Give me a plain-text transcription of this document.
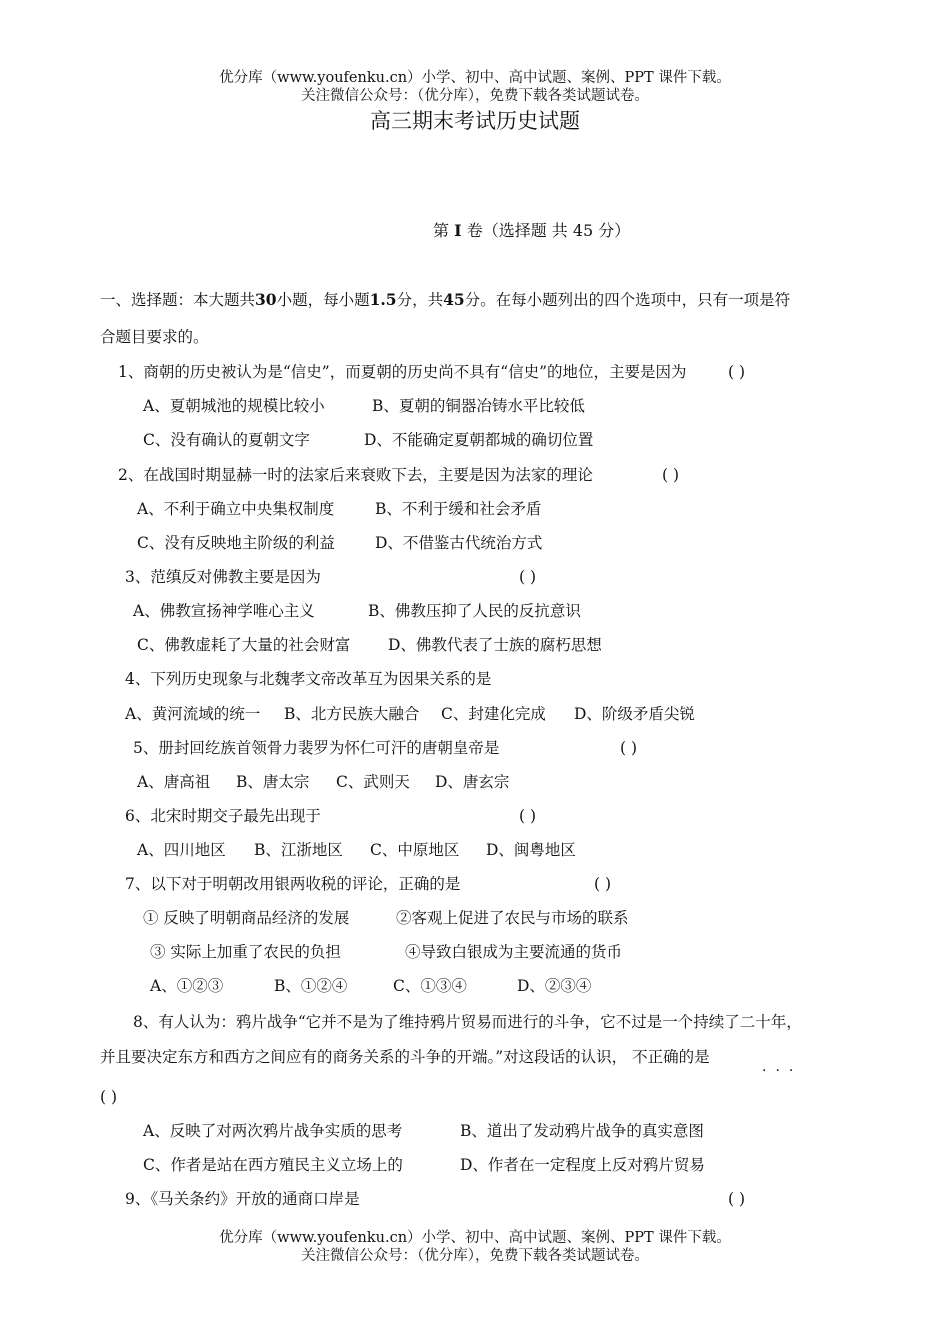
优分库（www.youfenku.cn）小学、初中、高中试题、案例、PPT 课件下载。
关注微信公众号：（优分库），免费下载各类试题试卷。
高三期末考试历史试题
第 I 卷（选择题 共 45 分）
一、选择题：本大题共30小题，每小题1.5分，共45分。在每小题列出的四个选项中，只有一项是符
合题目要求的。
1、商朝的历史被认为是“信史”，而夏朝的历史尚不具有“信史”的地位，主要是因为	( )
A、夏朝城池的规模比较小	B、夏朝的铜器冶铸水平比较低
C、没有确认的夏朝文字	D、不能确定夏朝都城的确切位置
2、在战国时期显赫一时的法家后来衰败下去，主要是因为法家的理论	( )
A、不利于确立中央集权制度	B、不利于缓和社会矛盾
C、没有反映地主阶级的利益	D、不借鉴古代统治方式
3、范缜反对佛教主要是因为	( )
A、佛教宣扬神学唯心主义	B、佛教压抑了人民的反抗意识
C、佛教虚耗了大量的社会财富 D、佛教代表了士族的腐朽思想
4、下列历史现象与北魏孝文帝改革互为因果关系的是
A、黄河流域的统一 B、北方民族大融合 C、封建化完成 D、阶级矛盾尖锐
5、册封回纥族首领骨力裴罗为怀仁可汗的唐朝皇帝是	( )
A、唐高祖 B、唐太宗 C、武则天 D、唐玄宗
6、北宋时期交子最先出现于	( )
A、四川地区 B、江浙地区 C、中原地区 D、闽粤地区
7、以下对于明朝改用银两收税的评论，正确的是	( )
① 反映了明朝商品经济的发展	②客观上促进了农民与市场的联系
③ 实际上加重了农民的负担	④导致白银成为主要流通的货币
A、①②③	B、①②④	C、①③④	D、②③④
8、有人认为：鸦片战争“它并不是为了维持鸦片贸易而进行的斗争，它不过是一个持续了二十年，
并且要决定东方和西方之间应有的商务关系的斗争的开端。”对这段话的认识， 不正确的是
···
( )
A、反映了对两次鸦片战争实质的思考	B、道出了发动鸦片战争的真实意图
C、作者是站在西方殖民主义立场上的	D、作者在一定程度上反对鸦片贸易
9、《马关条约》开放的通商口岸是	( )
优分库（www.youfenku.cn）小学、初中、高中试题、案例、PPT 课件下载。
关注微信公众号：（优分库），免费下载各类试题试卷。
